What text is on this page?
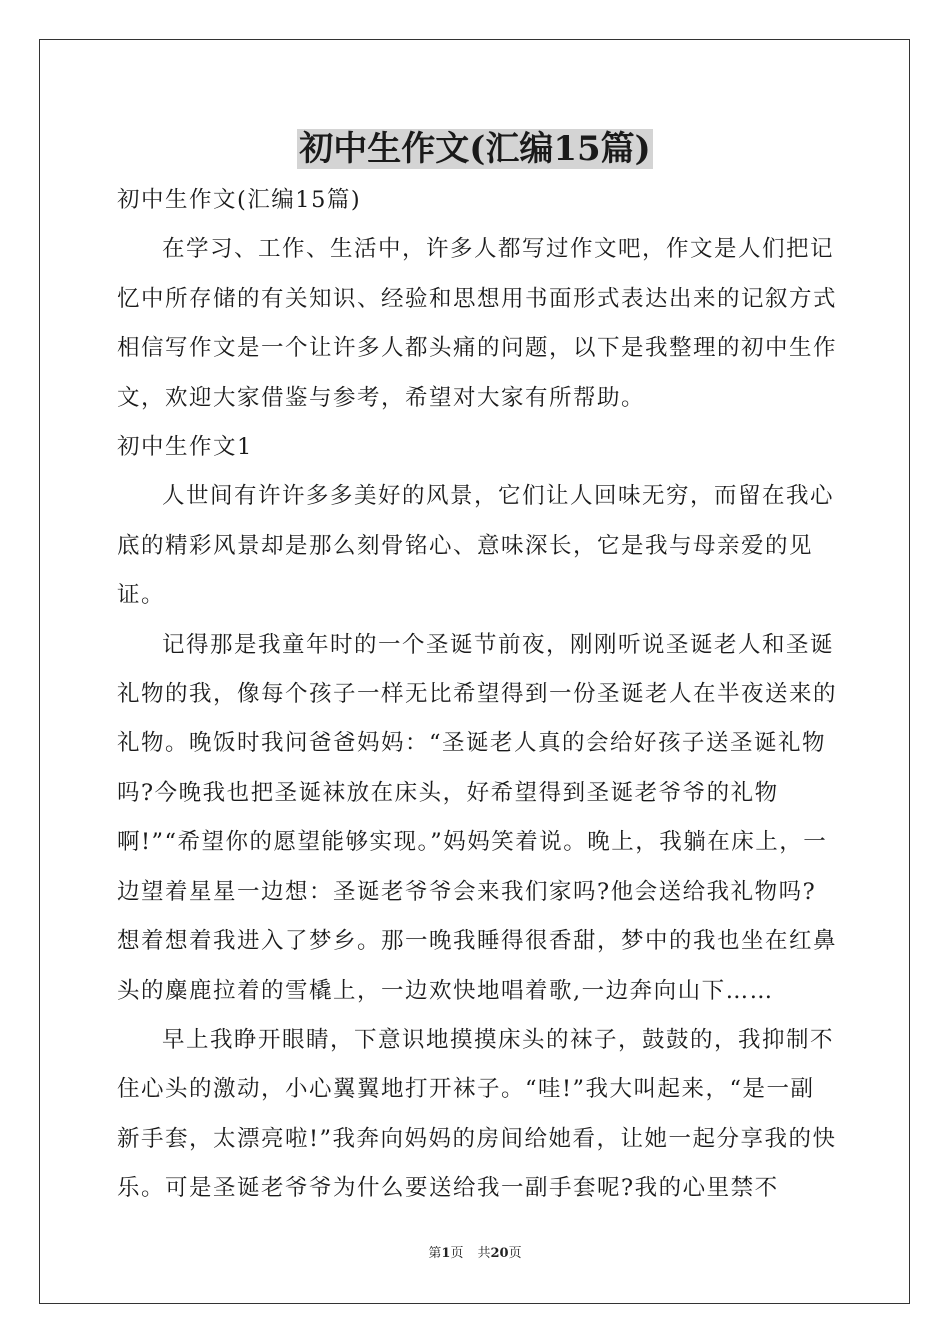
初中生作文(汇编15篇)

初中生作文(汇编15篇)

在学习、工作、生活中，许多人都写过作文吧，作文是人们把记忆中所存储的有关知识、经验和思想用书面形式表达出来的记叙方式相信写作文是一个让许多人都头痛的问题，以下是我整理的初中生作文，欢迎大家借鉴与参考，希望对大家有所帮助。

初中生作文1

人世间有许许多多美好的风景，它们让人回味无穷，而留在我心底的精彩风景却是那么刻骨铭心、意味深长，它是我与母亲爱的见证。

记得那是我童年时的一个圣诞节前夜，刚刚听说圣诞老人和圣诞礼物的我，像每个孩子一样无比希望得到一份圣诞老人在半夜送来的礼物。晚饭时我问爸爸妈妈：“圣诞老人真的会给好孩子送圣诞礼物吗?今晚我也把圣诞袜放在床头，好希望得到圣诞老爷爷的礼物啊!”“希望你的愿望能够实现。”妈妈笑着说。晚上，我躺在床上，一边望着星星一边想：圣诞老爷爷会来我们家吗?他会送给我礼物吗?想着想着我进入了梦乡。那一晚我睡得很香甜，梦中的我也坐在红鼻头的麋鹿拉着的雪橇上，一边欢快地唱着歌,一边奔向山下……

早上我睁开眼睛，下意识地摸摸床头的袜子，鼓鼓的，我抑制不住心头的激动，小心翼翼地打开袜子。“哇!”我大叫起来，“是一副新手套，太漂亮啦!”我奔向妈妈的房间给她看，让她一起分享我的快乐。可是圣诞老爷爷为什么要送给我一副手套呢?我的心里禁不

第1页 共20页
